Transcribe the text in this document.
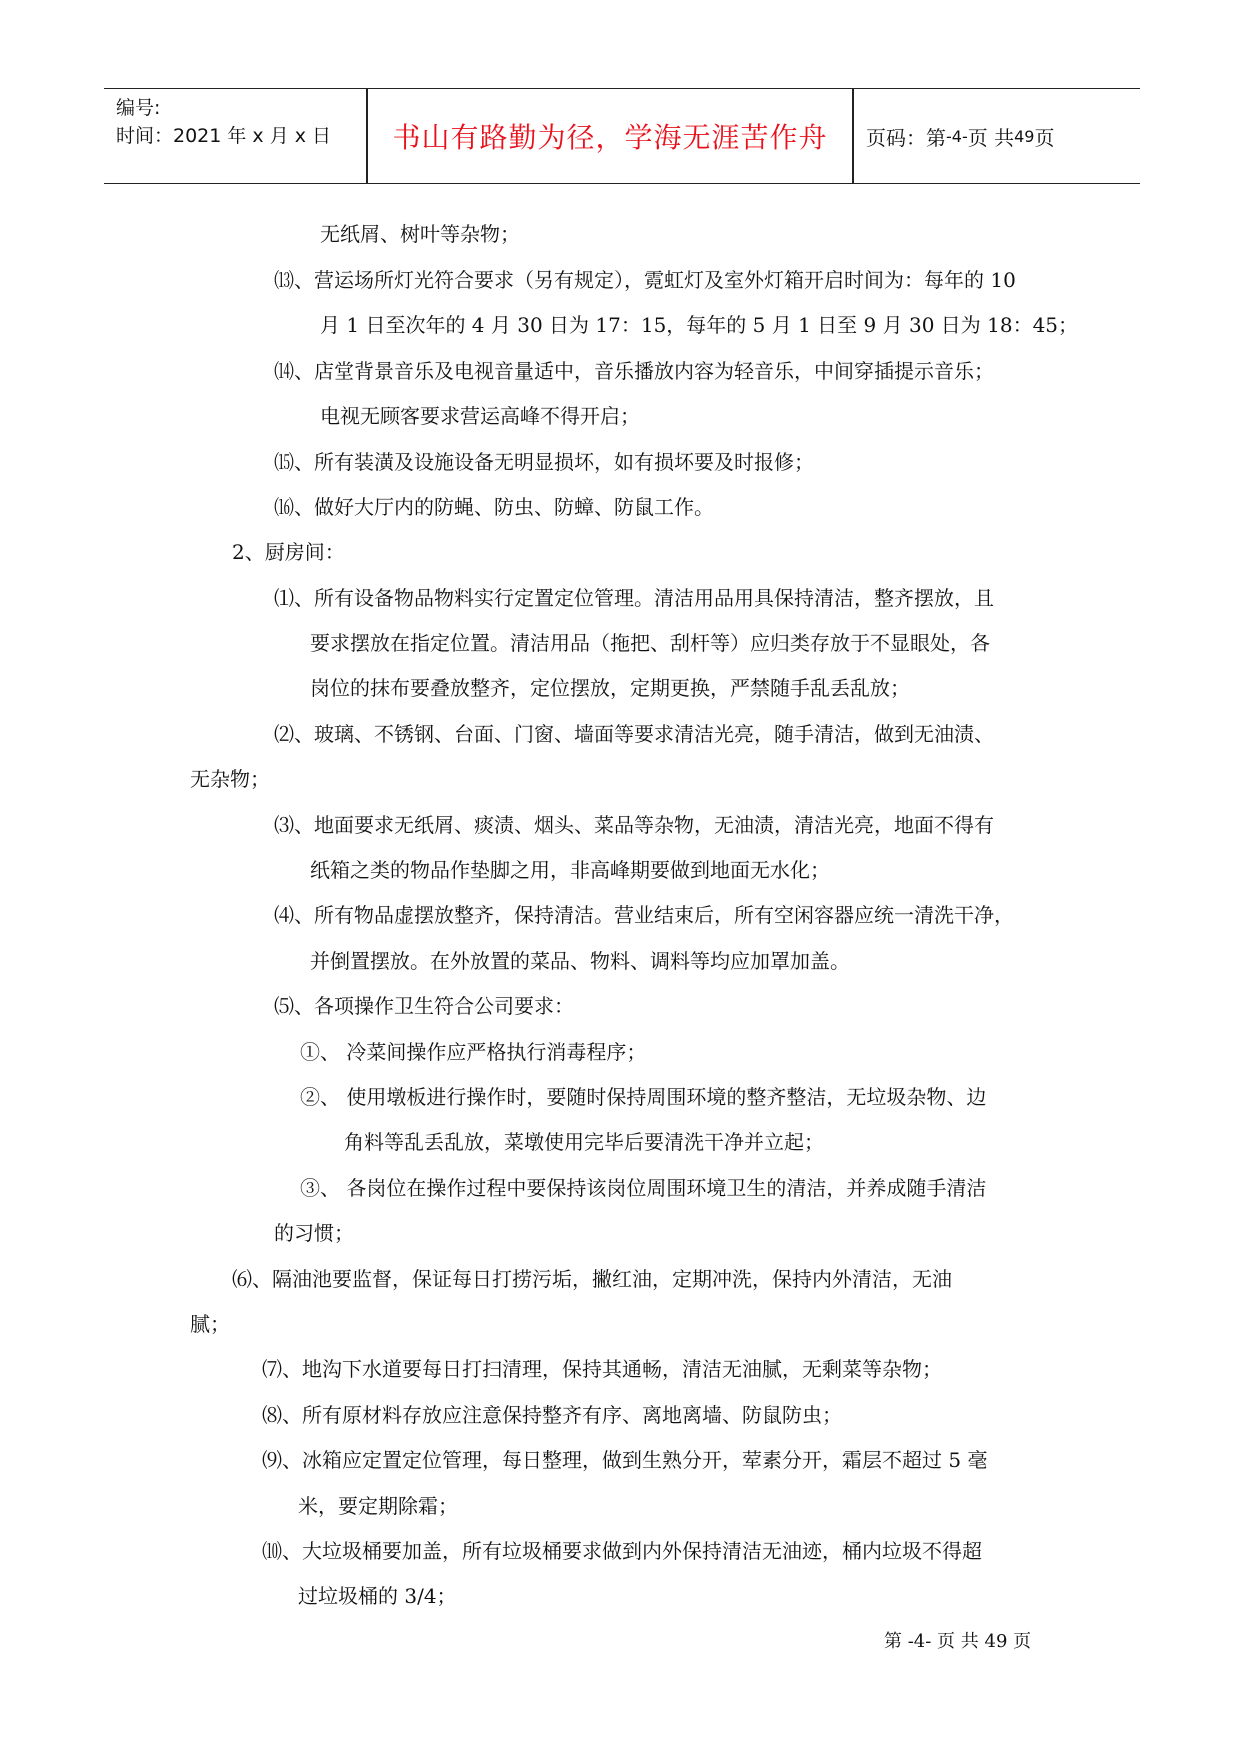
编号:
时间：2021 年 x 月 x 日 书山有路勤为径，学海无涯苦作舟 页码：第 -4- 页 共 49 页
无纸屑、树叶等杂物；
⒀、营运场所灯光符合要求（另有规定），霓虹灯及室外灯箱开启时间为：每年的 10
月 1 日至次年的 4 月 30 日为 17：15，每年的 5 月 1 日至 9 月 30 日为 18：45；
⒁、店堂背景音乐及电视音量适中，音乐播放内容为轻音乐，中间穿插提示音乐；
电视无顾客要求营运高峰不得开启；
⒂、所有装潢及设施设备无明显损坏，如有损坏要及时报修；
⒃、做好大厅内的防蝇、防虫、防蟑、防鼠工作。
2、厨房间：
⑴、所有设备物品物料实行定置定位管理。清洁用品用具保持清洁，整齐摆放，且
要求摆放在指定位置。清洁用品（拖把、刮杆等）应归类存放于不显眼处，各
岗位的抹布要叠放整齐，定位摆放，定期更换，严禁随手乱丢乱放；
⑵、玻璃、不锈钢、台面、门窗、墙面等要求清洁光亮，随手清洁，做到无油渍、
无杂物；
⑶、地面要求无纸屑、痰渍、烟头、菜品等杂物，无油渍，清洁光亮，地面不得有
纸箱之类的物品作垫脚之用，非高峰期要做到地面无水化；
⑷、所有物品虚摆放整齐，保持清洁。营业结束后，所有空闲容器应统一清洗干净，
并倒置摆放。在外放置的菜品、物料、调料等均应加罩加盖。
⑸、各项操作卫生符合公司要求：
①、 冷菜间操作应严格执行消毒程序；
②、 使用墩板进行操作时，要随时保持周围环境的整齐整洁，无垃圾杂物、边
角料等乱丢乱放，菜墩使用完毕后要清洗干净并立起；
③、 各岗位在操作过程中要保持该岗位周围环境卫生的清洁，并养成随手清洁
的习惯；
⑹、隔油池要监督，保证每日打捞污垢，撇红油，定期冲洗，保持内外清洁，无油
腻；
⑺、地沟下水道要每日打扫清理，保持其通畅，清洁无油腻，无剩菜等杂物；
⑻、所有原材料存放应注意保持整齐有序、离地离墙、防鼠防虫；
⑼、冰箱应定置定位管理，每日整理，做到生熟分开，荤素分开，霜层不超过 5 毫
米，要定期除霜；
⑽、大垃圾桶要加盖，所有垃圾桶要求做到内外保持清洁无油迹，桶内垃圾不得超
过垃圾桶的 3/4；
第 -4- 页 共 49 页
